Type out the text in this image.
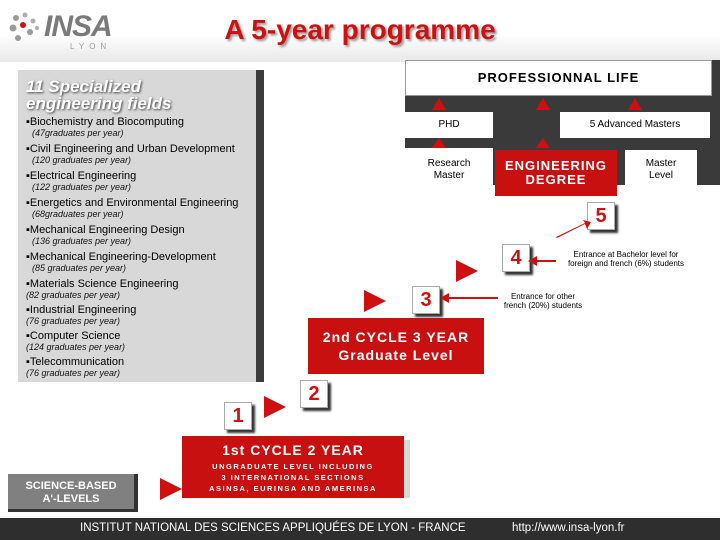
INSA
LYON
A 5-year programme
PROFESSIONNAL LIFE
PHD	5 Advanced Masters
Research
Master
ENGINEERING
DEGREE
Master
Level
11 Specialized
engineering fields
▪ Biochemistry and Biocomputing
(47graduates per year)
▪ Civil Engineering and Urban Development
(120 graduates per year)
▪ Electrical Engineering
(122 graduates per year)
▪ Energetics and Environmental Engineering
(68graduates per year)
▪ Mechanical Engineering Design
(136 graduates per year)
▪ Mechanical Engineering-Development
(85 graduates per year)
▪ Materials Science Engineering
(82 graduates per year)
▪ Industrial Engineering
(76 graduates per year)
▪ Computer Science
(124 graduates per year)
▪ Telecommunication
(76 graduates per year)
5
4	Entrance at Bachelor level for
foreign and french (6%) students
3	Entrance for other
french (20%) students
2nd CYCLE 3 YEAR
Graduate Level
2
1
1st CYCLE 2 YEAR
UNGRADUATE LEVEL INCLUDING
3 INTERNATIONAL SECTIONS
ASINSA, EURINSA AND AMERINSA
SCIENCE-BASED
A'-LEVELS
INSTITUT NATIONAL DES SCIENCES APPLIQUÉES DE LYON - FRANCE	http://www.insa-lyon.fr
